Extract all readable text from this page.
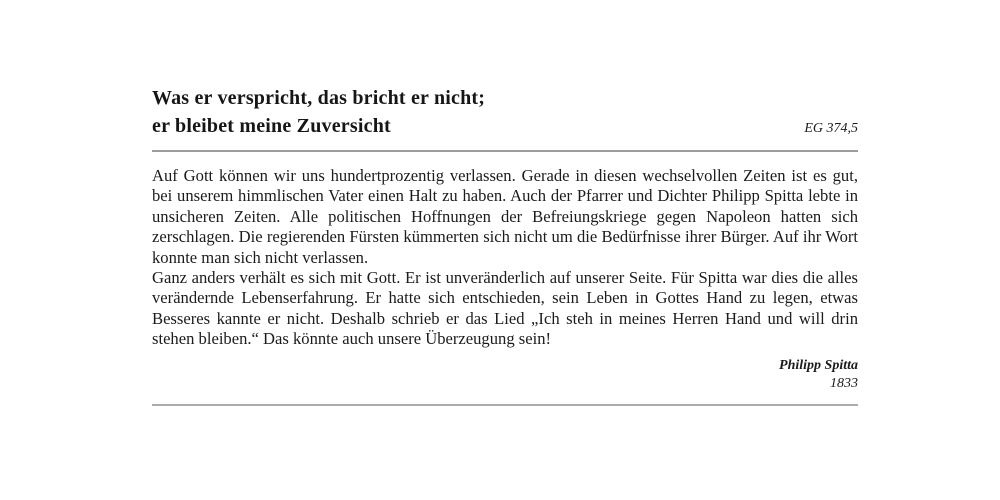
Was er verspricht, das bricht er nicht;
er bleibet meine Zuversicht	EG 374,5

Auf Gott können wir uns hundertprozentig verlassen. Gerade in diesen wechselvollen Zeiten ist es gut, bei unserem himmlischen Vater einen Halt zu haben. Auch der Pfarrer und Dichter Philipp Spitta lebte in unsicheren Zeiten. Alle politischen Hoffnungen der Befreiungskriege gegen Napoleon hatten sich zerschlagen. Die regierenden Fürsten kümmerten sich nicht um die Bedürfnisse ihrer Bürger. Auf ihr Wort konnte man sich nicht verlassen.

Ganz anders verhält es sich mit Gott. Er ist unveränderlich auf unserer Seite. Für Spitta war dies die alles verändernde Lebenserfahrung. Er hatte sich entschieden, sein Leben in Gottes Hand zu legen, etwas Besseres kannte er nicht. Deshalb schrieb er das Lied „Ich steh in meines Herren Hand und will drin stehen bleiben.“ Das könnte auch unsere Überzeugung sein!

Philipp Spitta
1833
